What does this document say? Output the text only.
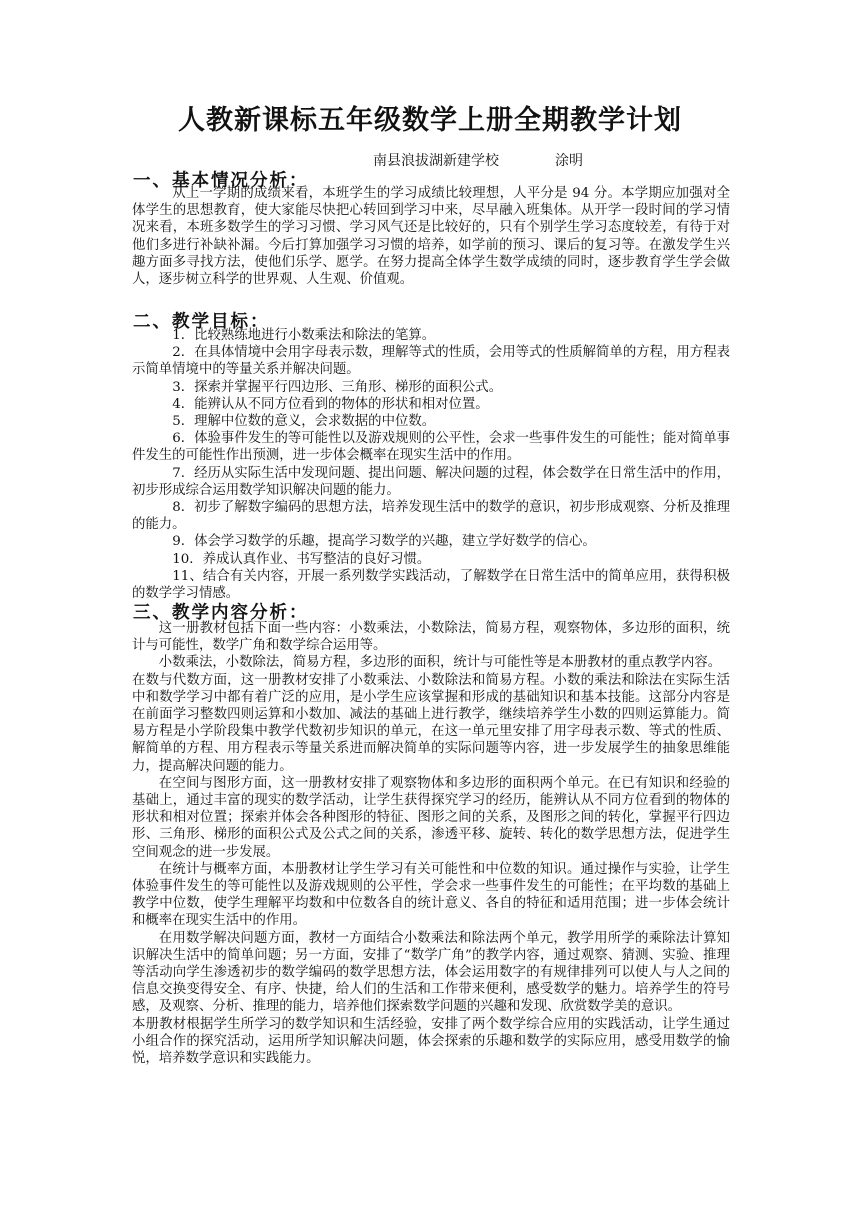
人教新课标五年级数学上册全期教学计划
南县浪拔湖新建学校	涂明
一、基本情况分析：

从上一学期的成绩来看，本班学生的学习成绩比较理想，人平分是 94 分。本学期应加强对全体学生的思想教育，使大家能尽快把心转回到学习中来，尽早融入班集体。从开学一段时间的学习情况来看，本班多数学生的学习习惯、学习风气还是比较好的，只有个别学生学习态度较差，有待于对他们多进行补缺补漏。今后打算加强学习习惯的培养，如学前的预习、课后的复习等。在激发学生兴趣方面多寻找方法，使他们乐学、愿学。在努力提高全体学生数学成绩的同时，逐步教育学生学会做人，逐步树立科学的世界观、人生观、价值观。

二、教学目标：

1．比较熟练地进行小数乘法和除法的笔算。

2．在具体情境中会用字母表示数，理解等式的性质，会用等式的性质解简单的方程，用方程表示简单情境中的等量关系并解决问题。

3．探索并掌握平行四边形、三角形、梯形的面积公式。

4．能辨认从不同方位看到的物体的形状和相对位置。

5．理解中位数的意义，会求数据的中位数。

6．体验事件发生的等可能性以及游戏规则的公平性，会求一些事件发生的可能性；能对简单事件发生的可能性作出预测，进一步体会概率在现实生活中的作用。

7．经历从实际生活中发现问题、提出问题、解决问题的过程，体会数学在日常生活中的作用，初步形成综合运用数学知识解决问题的能力。

8．初步了解数字编码的思想方法，培养发现生活中的数学的意识，初步形成观察、分析及推理的能力。

9．体会学习数学的乐趣，提高学习数学的兴趣，建立学好数学的信心。

10．养成认真作业、书写整洁的良好习惯。

11、结合有关内容，开展一系列数学实践活动，了解数学在日常生活中的简单应用，获得积极的数学学习情感。

三、教学内容分析：

这一册教材包括下面一些内容：小数乘法，小数除法，简易方程，观察物体，多边形的面积，统计与可能性，数学广角和数学综合运用等。

小数乘法，小数除法，简易方程，多边形的面积，统计与可能性等是本册教材的重点教学内容。

在数与代数方面，这一册教材安排了小数乘法、小数除法和简易方程。小数的乘法和除法在实际生活中和数学学习中都有着广泛的应用，是小学生应该掌握和形成的基础知识和基本技能。这部分内容是在前面学习整数四则运算和小数加、减法的基础上进行教学，继续培养学生小数的四则运算能力。简易方程是小学阶段集中教学代数初步知识的单元，在这一单元里安排了用字母表示数、等式的性质、解简单的方程、用方程表示等量关系进而解决简单的实际问题等内容，进一步发展学生的抽象思维能力，提高解决问题的能力。

在空间与图形方面，这一册教材安排了观察物体和多边形的面积两个单元。在已有知识和经验的基础上，通过丰富的现实的数学活动，让学生获得探究学习的经历，能辨认从不同方位看到的物体的形状和相对位置；探索并体会各种图形的特征、图形之间的关系，及图形之间的转化，掌握平行四边形、三角形、梯形的面积公式及公式之间的关系，渗透平移、旋转、转化的数学思想方法，促进学生空间观念的进一步发展。

在统计与概率方面，本册教材让学生学习有关可能性和中位数的知识。通过操作与实验，让学生体验事件发生的等可能性以及游戏规则的公平性，学会求一些事件发生的可能性；在平均数的基础上教学中位数，使学生理解平均数和中位数各自的统计意义、各自的特征和适用范围；进一步体会统计和概率在现实生活中的作用。

在用数学解决问题方面，教材一方面结合小数乘法和除法两个单元，教学用所学的乘除法计算知识解决生活中的简单问题；另一方面，安排了“数学广角”的教学内容，通过观察、猜测、实验、推理等活动向学生渗透初步的数学编码的数学思想方法，体会运用数字的有规律排列可以使人与人之间的信息交换变得安全、有序、快捷，给人们的生活和工作带来便利，感受数学的魅力。培养学生的符号感，及观察、分析、推理的能力，培养他们探索数学问题的兴趣和发现、欣赏数学美的意识。

本册教材根据学生所学习的数学知识和生活经验，安排了两个数学综合应用的实践活动，让学生通过小组合作的探究活动，运用所学知识解决问题，体会探索的乐趣和数学的实际应用，感受用数学的愉悦，培养数学意识和实践能力。
